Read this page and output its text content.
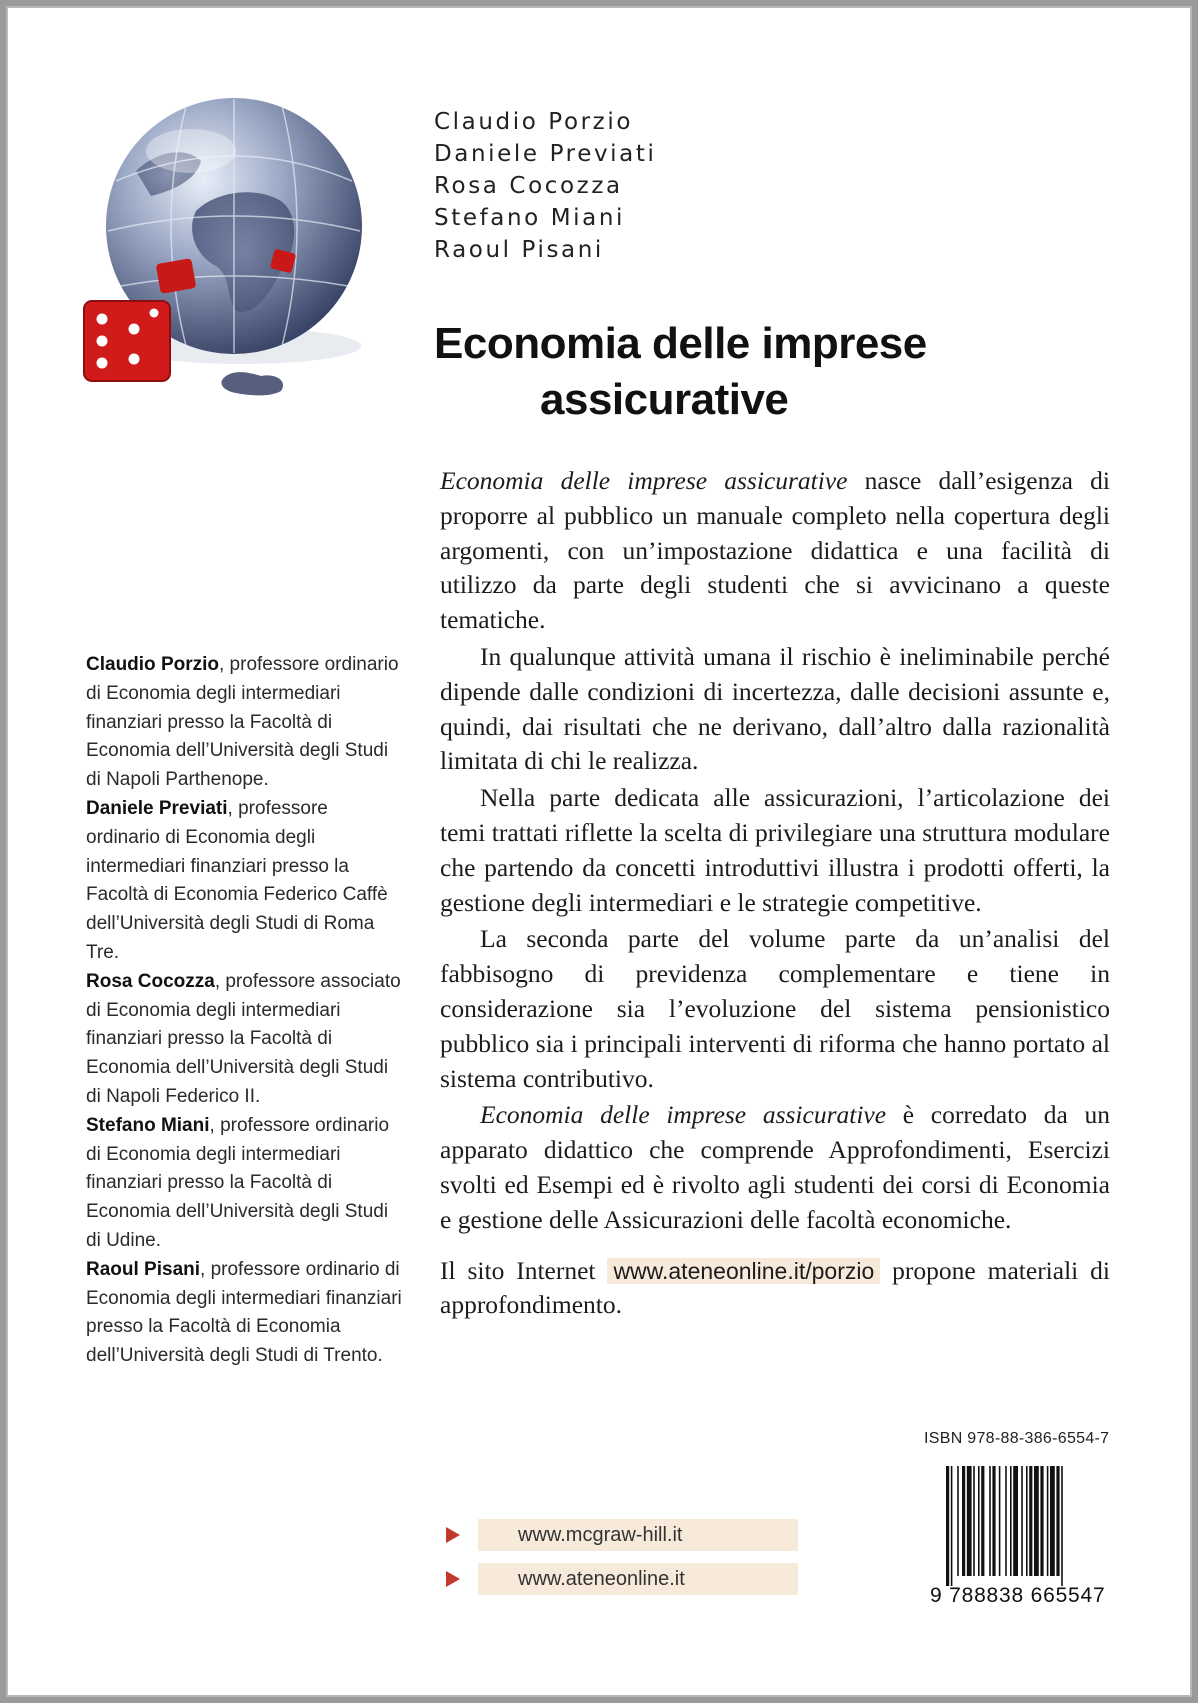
Claudio Porzio
Daniele Previati
Rosa Cocozza
Stefano Miani
Raoul Pisani
Economia delle imprese
assicurative

Economia delle imprese assicurative nasce dall’esigenza di proporre al pubblico un manuale completo nella copertura degli argomenti, con un’impostazione didattica e una facilità di utilizzo da parte degli studenti che si avvicinano a queste tematiche.

In qualunque attività umana il rischio è ineliminabile perché dipende dalle condizioni di incertezza, dalle decisioni assunte e, quindi, dai risultati che ne derivano, dall’altro dalla razionalità limitata di chi le realizza.

Nella parte dedicata alle assicurazioni, l’articolazione dei temi trattati riflette la scelta di privilegiare una struttura modulare che partendo da concetti introduttivi illustra i prodotti offerti, la gestione degli intermediari e le strategie competitive.

La seconda parte del volume parte da un’analisi del fabbisogno di previdenza complementare e tiene in considerazione sia l’evoluzione del sistema pensionistico pubblico sia i principali interventi di riforma che hanno portato al sistema contributivo.

Economia delle imprese assicurative è corredato da un apparato didattico che comprende Approfondimenti, Esercizi svolti ed Esempi ed è rivolto agli studenti dei corsi di Economia e gestione delle Assicurazioni delle facoltà economiche.

Il sito Internet www.ateneonline.it/porzio propone materiali di approfondimento.

Claudio Porzio, professore ordinario di Economia degli intermediari finanziari presso la Facoltà di Economia dell’Università degli Studi di Napoli Parthenope.

Daniele Previati, professore ordinario di Economia degli intermediari finanziari presso la Facoltà di Economia Federico Caffè dell’Università degli Studi di Roma Tre.

Rosa Cocozza, professore associato di Economia degli intermediari finanziari presso la Facoltà di Economia dell’Università degli Studi di Napoli Federico II.

Stefano Miani, professore ordinario di Economia degli intermediari finanziari presso la Facoltà di Economia dell’Università degli Studi di Udine.

Raoul Pisani, professore ordinario di Economia degli intermediari finanziari presso la Facoltà di Economia dell’Università degli Studi di Trento.

ISBN 978-88-386-6554-7
9 788838 665547
www.mcgraw-hill.it
www.ateneonline.it
